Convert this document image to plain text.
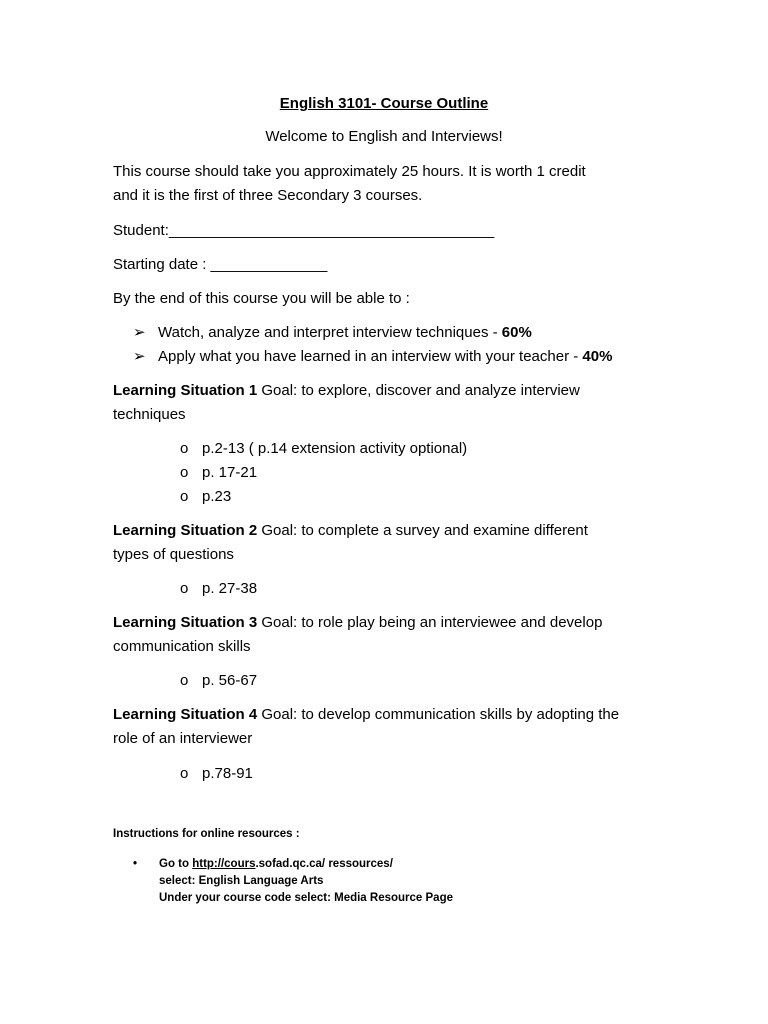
English 3101- Course Outline
Welcome to English and Interviews!
This course should take you approximately 25 hours. It is worth 1 credit
and it is the first of three Secondary 3 courses.
Student:_______________________________________
Starting date : ______________
By the end of this course you will be able to :
➢ Watch, analyze and interpret interview techniques - 60%
➢ Apply what you have learned in an interview with your teacher - 40%
Learning Situation 1 Goal: to explore, discover and analyze interview
techniques
o p.2-13 ( p.14 extension activity optional)
o p. 17-21
o p.23
Learning Situation 2 Goal: to complete a survey and examine different
types of questions
o p. 27-38
Learning Situation 3 Goal: to role play being an interviewee and develop
communication skills
o p. 56-67
Learning Situation 4 Goal: to develop communication skills by adopting the
role of an interviewer
o p.78-91
Instructions for online resources :
• Go to http://cours.sofad.qc.ca/ ressources/
select: English Language Arts
Under your course code select: Media Resource Page
